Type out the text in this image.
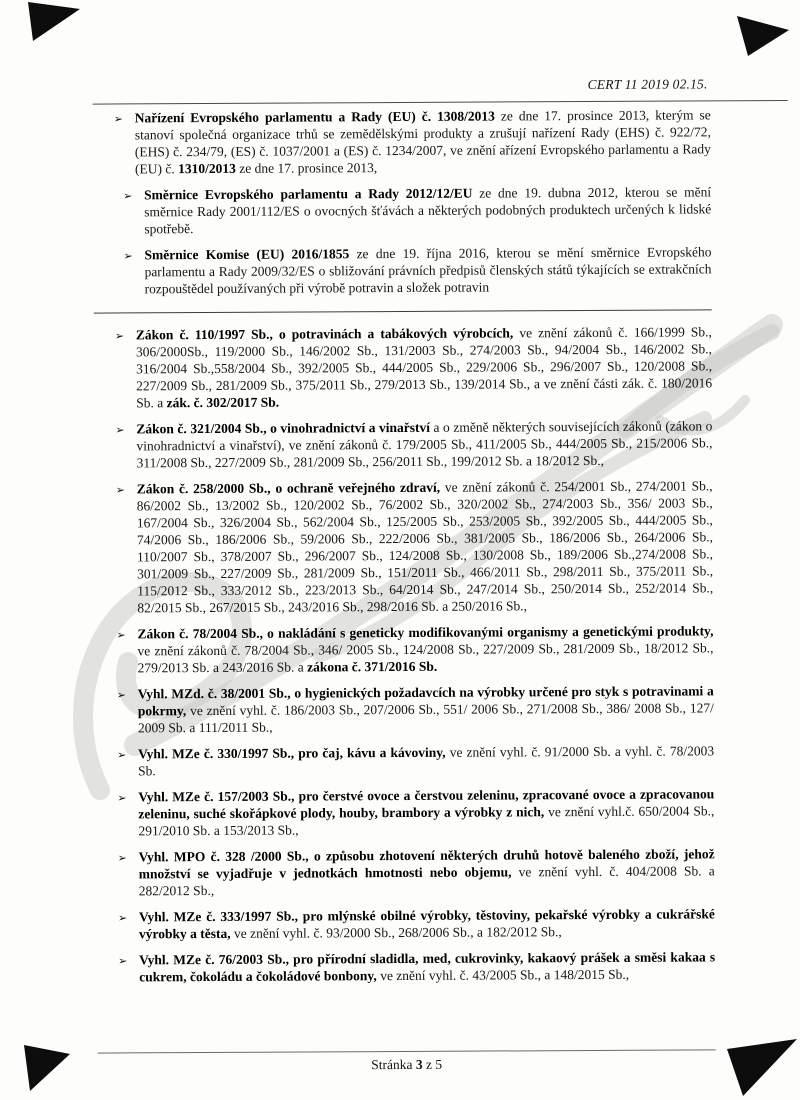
CERT 11 2019 02.15.
➢ Nařízení Evropského parlamentu a Rady (EU) č. 1308/2013 ze dne 17. prosince 2013, kterým se stanoví společná organizace trhů se zemědělskými produkty a zrušují nařízení Rady (EHS) č. 922/72, (EHS) č. 234/79, (ES) č. 1037/2001 a (ES) č. 1234/2007, ve znění ařízení Evropského parlamentu a Rady (EU) č. 1310/2013 ze dne 17. prosince 2013,
➢ Směrnice Evropského parlamentu a Rady 2012/12/EU ze dne 19. dubna 2012, kterou se mění směrnice Rady 2001/112/ES o ovocných šťávách a některých podobných produktech určených k lidské spotřebě.
➢ Směrnice Komise (EU) 2016/1855 ze dne 19. října 2016, kterou se mění směrnice Evropského parlamentu a Rady 2009/32/ES o sbližování právních předpisů členských států týkajících se extrakčních rozpouštědel používaných při výrobě potravin a složek potravin
➢ Zákon č. 110/1997 Sb., o potravinách a tabákových výrobcích, ve znění zákonů č. 166/1999 Sb., 306/2000Sb., 119/2000 Sb., 146/2002 Sb., 131/2003 Sb., 274/2003 Sb., 94/2004 Sb., 146/2002 Sb., 316/2004 Sb.,558/2004 Sb., 392/2005 Sb., 444/2005 Sb., 229/2006 Sb., 296/2007 Sb., 120/2008 Sb., 227/2009 Sb., 281/2009 Sb., 375/2011 Sb., 279/2013 Sb., 139/2014 Sb., a ve znění části zák. č. 180/2016 Sb. a zák. č. 302/2017 Sb.
➢ Zákon č. 321/2004 Sb., o vinohradnictví a vinařství a o změně některých souvisejících zákonů (zákon o vinohradnictví a vinařství), ve znění zákonů č. 179/2005 Sb., 411/2005 Sb., 444/2005 Sb., 215/2006 Sb., 311/2008 Sb., 227/2009 Sb., 281/2009 Sb., 256/2011 Sb., 199/2012 Sb. a 18/2012 Sb.,
➢ Zákon č. 258/2000 Sb., o ochraně veřejného zdraví, ve znění zákonů č. 254/2001 Sb., 274/2001 Sb., 86/2002 Sb., 13/2002 Sb., 120/2002 Sb., 76/2002 Sb., 320/2002 Sb., 274/2003 Sb., 356/ 2003 Sb., 167/2004 Sb., 326/2004 Sb., 562/2004 Sb., 125/2005 Sb., 253/2005 Sb., 392/2005 Sb., 444/2005 Sb., 74/2006 Sb., 186/2006 Sb., 59/2006 Sb., 222/2006 Sb., 381/2005 Sb., 186/2006 Sb., 264/2006 Sb., 110/2007 Sb., 378/2007 Sb., 296/2007 Sb., 124/2008 Sb., 130/2008 Sb., 189/2006 Sb.,274/2008 Sb., 301/2009 Sb., 227/2009 Sb., 281/2009 Sb., 151/2011 Sb., 466/2011 Sb., 298/2011 Sb., 375/2011 Sb., 115/2012 Sb., 333/2012 Sb., 223/2013 Sb., 64/2014 Sb., 247/2014 Sb., 250/2014 Sb., 252/2014 Sb., 82/2015 Sb., 267/2015 Sb., 243/2016 Sb., 298/2016 Sb. a 250/2016 Sb.,
➢ Zákon č. 78/2004 Sb., o nakládání s geneticky modifikovanými organismy a genetickými produkty, ve znění zákonů č. 78/2004 Sb., 346/ 2005 Sb., 124/2008 Sb., 227/2009 Sb., 281/2009 Sb., 18/2012 Sb., 279/2013 Sb. a 243/2016 Sb. a zákona č. 371/2016 Sb.
➢ Vyhl. MZd. č. 38/2001 Sb., o hygienických požadavcích na výrobky určené pro styk s potravinami a pokrmy, ve znění vyhl. č. 186/2003 Sb., 207/2006 Sb., 551/ 2006 Sb., 271/2008 Sb., 386/ 2008 Sb., 127/ 2009 Sb. a 111/2011 Sb.,
➢ Vyhl. MZe č. 330/1997 Sb., pro čaj, kávu a kávoviny, ve znění vyhl. č. 91/2000 Sb. a vyhl. č. 78/2003 Sb.
➢ Vyhl. MZe č. 157/2003 Sb., pro čerstvé ovoce a čerstvou zeleninu, zpracované ovoce a zpracovanou zeleninu, suché skořápkové plody, houby, brambory a výrobky z nich, ve znění vyhl.č. 650/2004 Sb., 291/2010 Sb. a 153/2013 Sb.,
➢ Vyhl. MPO č. 328 /2000 Sb., o způsobu zhotovení některých druhů hotově baleného zboží, jehož množství se vyjadřuje v jednotkách hmotnosti nebo objemu, ve znění vyhl. č. 404/2008 Sb. a 282/2012 Sb.,
➢ Vyhl. MZe č. 333/1997 Sb., pro mlýnské obilné výrobky, těstoviny, pekařské výrobky a cukrářské výrobky a těsta, ve znění vyhl. č. 93/2000 Sb., 268/2006 Sb., a 182/2012 Sb.,
➢ Vyhl. MZe č. 76/2003 Sb., pro přírodní sladidla, med, cukrovinky, kakaový prášek a směsi kakaa s cukrem, čokoládu a čokoládové bonbony, ve znění vyhl. č. 43/2005 Sb., a 148/2015 Sb.,
Stránka 3 z 5
